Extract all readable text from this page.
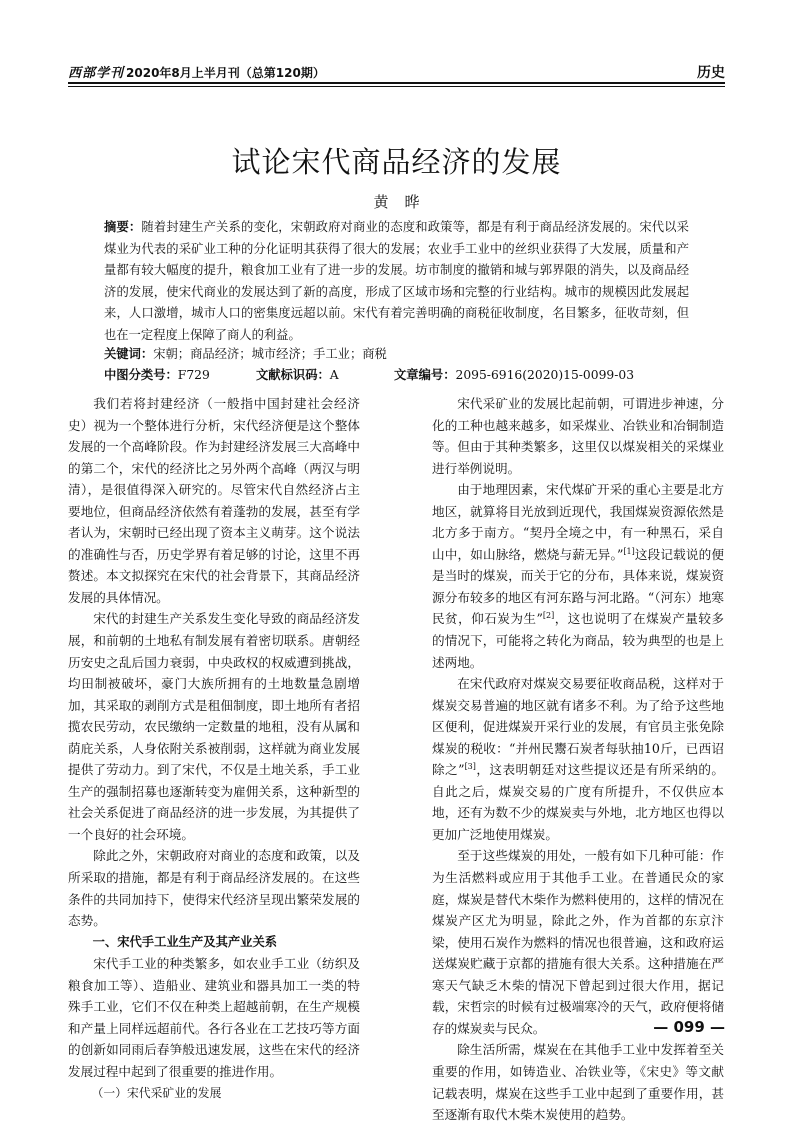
西部学刊 2020年8月上半月刊（总第120期）	历史
试论宋代商品经济的发展
黄晔
摘要：随着封建生产关系的变化，宋朝政府对商业的态度和政策等，都是有利于商品经济发展的。宋代以采煤业为代表的采矿业工种的分化证明其获得了很大的发展；农业手工业中的丝织业获得了大发展，质量和产量都有较大幅度的提升，粮食加工业有了进一步的发展。坊市制度的撤销和城与郭界限的消失，以及商品经济的发展，使宋代商业的发展达到了新的高度，形成了区域市场和完整的行业结构。城市的规模因此发展起来，人口激增，城市人口的密集度远超以前。宋代有着完善明确的商税征收制度，名目繁多，征收苛刻，但也在一定程度上保障了商人的利益。
关键词：宋朝；商品经济；城市经济；手工业；商税
中图分类号：F729	文献标识码：A	文章编号：2095-6916(2020)15-0099-03

我们若将封建经济（一般指中国封建社会经济史）视为一个整体进行分析，宋代经济便是这个整体发展的一个高峰阶段。作为封建经济发展三大高峰中的第二个，宋代的经济比之另外两个高峰（两汉与明清），是很值得深入研究的。尽管宋代自然经济占主要地位，但商品经济依然有着蓬勃的发展，甚至有学者认为，宋朝时已经出现了资本主义萌芽。这个说法的准确性与否，历史学界有着足够的讨论，这里不再赘述。本文拟探究在宋代的社会背景下，其商品经济发展的具体情况。

宋代的封建生产关系发生变化导致的商品经济发展，和前朝的土地私有制发展有着密切联系。唐朝经历安史之乱后国力衰弱，中央政权的权威遭到挑战，均田制被破坏，豪门大族所拥有的土地数量急剧增加，其采取的剥削方式是租佃制度，即土地所有者招揽农民劳动，农民缴纳一定数量的地租，没有从属和荫庇关系，人身依附关系被削弱，这样就为商业发展提供了劳动力。到了宋代，不仅是土地关系，手工业生产的强制招募也逐渐转变为雇佣关系，这种新型的社会关系促进了商品经济的进一步发展，为其提供了一个良好的社会环境。

除此之外，宋朝政府对商业的态度和政策，以及所采取的措施，都是有利于商品经济发展的。在这些条件的共同加持下，使得宋代经济呈现出繁荣发展的态势。

一、宋代手工业生产及其产业关系

宋代手工业的种类繁多，如农业手工业（纺织及粮食加工等）、造船业、建筑业和器具加工一类的特殊手工业，它们不仅在种类上超越前朝，在生产规模和产量上同样远超前代。各行各业在工艺技巧等方面的创新如同雨后春笋般迅速发展，这些在宋代的经济发展过程中起到了很重要的推进作用。

（一）宋代采矿业的发展

宋代采矿业的发展比起前朝，可谓进步神速，分化的工种也越来越多，如采煤业、冶铁业和冶铜制造等。但由于其种类繁多，这里仅以煤炭相关的采煤业进行举例说明。

由于地理因素，宋代煤矿开采的重心主要是北方地区，就算将目光放到近现代，我国煤炭资源依然是北方多于南方。“契丹全境之中，有一种黑石，采自山中，如山脉络，燃烧与薪无异。”[1]这段记载说的便是当时的煤炭，而关于它的分布，具体来说，煤炭资源分布较多的地区有河东路与河北路。“（河东）地寒民贫，仰石炭为生”[2]，这也说明了在煤炭产量较多的情况下，可能将之转化为商品，较为典型的也是上述两地。

在宋代政府对煤炭交易要征收商品税，这样对于煤炭交易普遍的地区就有诸多不利。为了给予这些地区便利，促进煤炭开采行业的发展，有官员主张免除煤炭的税收：“并州民鬻石炭者每驮抽10斤，已西诏除之”[3]，这表明朝廷对这些提议还是有所采纳的。自此之后，煤炭交易的广度有所提升，不仅供应本地，还有为数不少的煤炭卖与外地，北方地区也得以更加广泛地使用煤炭。

至于这些煤炭的用处，一般有如下几种可能：作为生活燃料或应用于其他手工业。在普通民众的家庭，煤炭是替代木柴作为燃料使用的，这样的情况在煤炭产区尤为明显，除此之外，作为首都的东京汴梁，使用石炭作为燃料的情况也很普遍，这和政府运送煤炭贮藏于京都的措施有很大关系。这种措施在严寒天气缺乏木柴的情况下曾起到过很大作用，据记载，宋哲宗的时候有过极端寒冷的天气，政府便将储存的煤炭卖与民众。

除生活所需，煤炭在在其他手工业中发挥着至关重要的作用，如铸造业、冶铁业等，《宋史》等文献记载表明，煤炭在这些手工业中起到了重要作用，甚至逐渐有取代木柴木炭使用的趋势。

— 099 —
